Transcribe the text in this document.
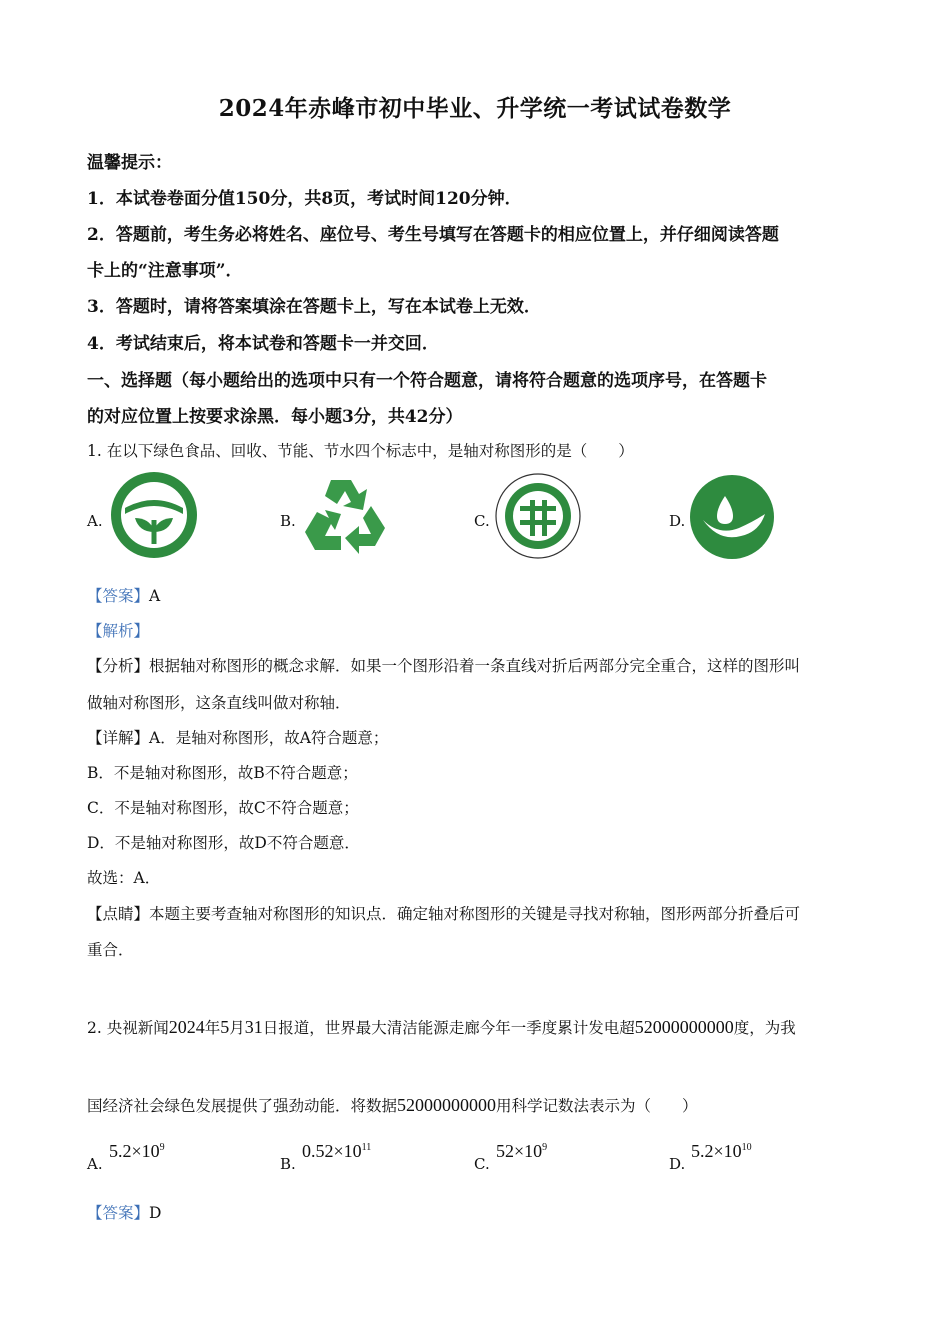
2024年赤峰市初中毕业、升学统一考试试卷数学
温馨提示：
1．本试卷卷面分值150分，共8页，考试时间120分钟．
2．答题前，考生务必将姓名、座位号、考生号填写在答题卡的相应位置上，并仔细阅读答题
卡上的“注意事项”．
3．答题时，请将答案填涂在答题卡上，写在本试卷上无效．
4．考试结束后，将本试卷和答题卡一并交回．
一、选择题（每小题给出的选项中只有一个符合题意，请将符合题意的选项序号，在答题卡
的对应位置上按要求涂黑．每小题3分，共42分）
1. 在以下绿色食品、回收、节能、节水四个标志中，是轴对称图形的是（　　）
A.	B.	C.	D.
【答案】A
【解析】
【分析】根据轴对称图形的概念求解．如果一个图形沿着一条直线对折后两部分完全重合，这样的图形叫
做轴对称图形，这条直线叫做对称轴．
【详解】A．是轴对称图形，故A符合题意；
B．不是轴对称图形，故B不符合题意；
C．不是轴对称图形，故C不符合题意；
D．不是轴对称图形，故D不符合题意．
故选：A．
【点睛】本题主要考查轴对称图形的知识点．确定轴对称图形的关键是寻找对称轴，图形两部分折叠后可
重合．
2. 央视新闻2024年5月31日报道，世界最大清洁能源走廊今年一季度累计发电超52000000000度，为我
国经济社会绿色发展提供了强劲动能．将数据52000000000用科学记数法表示为（　　）
A.
$5.2\times 10^9$
B.
$0.52\times 10^{11}$
C.
$52\times 10^9$
D.
$5.2\times 10^{10}$
【答案】D
